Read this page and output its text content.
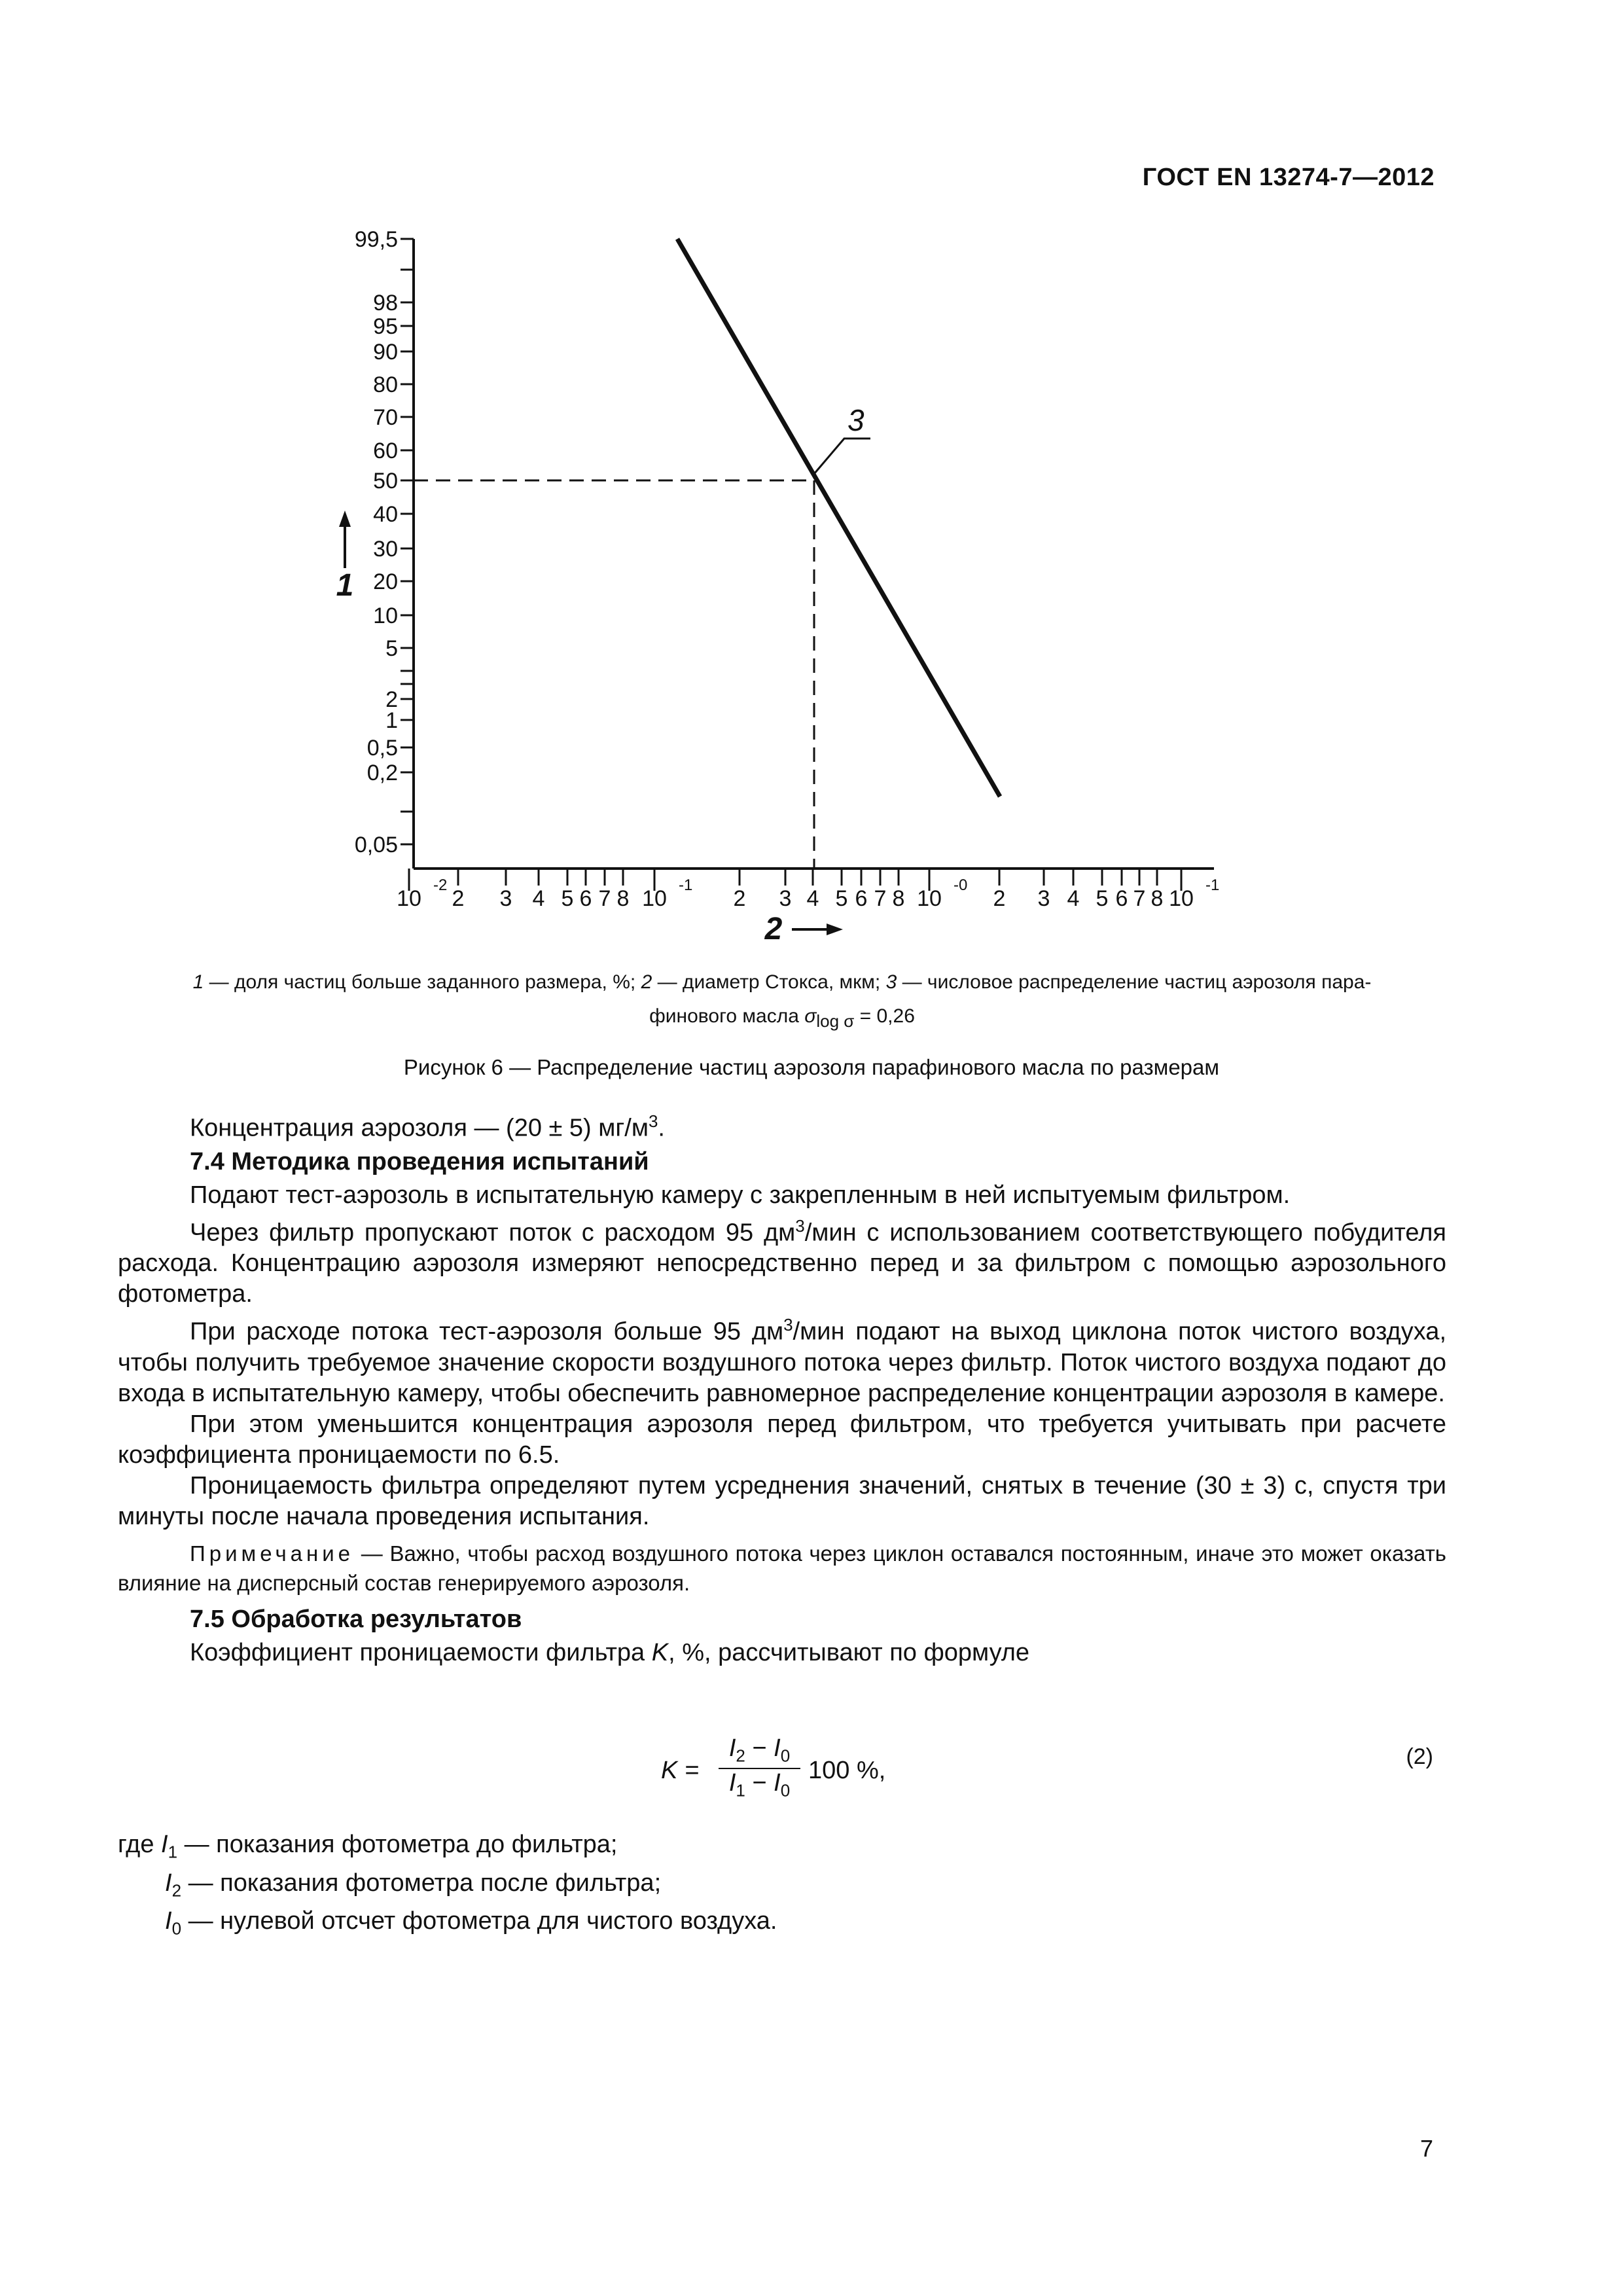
ГОСТ EN 13274-7—2012
99,5
98
95
90
80
70
60
50
40
30
20
10
5
2
1
0,5
0,2
0,05
10
-2
2 3 4 5 6 7 8 10
-1
2 3 4 5 6 7 8 10
-0
2 3 4 5 6 7 8 10
-1
3
1
2
1 — доля частиц больше заданного размера, %; 2 — диаметр Стокса, мкм; 3 — числовое распределение частиц аэрозоля пара-
финового масла $\sigma_{log \sigma} = 0,26$
Рисунок 6 — Распределение частиц аэрозоля парафинового масла по размерам

Концентрация аэрозоля — (20 ± 5) $мг/м^3$.

7.4 Методика проведения испытаний

Подают тест-аэрозоль в испытательную камеру с закрепленным в ней испытуемым фильтром.

Через фильтр пропускают поток с расходом 95 $дм^3$/мин с использованием соответствующего побудителя расхода. Концентрацию аэрозоля измеряют непосредственно перед и за фильтром с помощью аэрозольного фотометра.

При расходе потока тест-аэрозоля больше 95 $дм^3$/мин подают на выход циклона поток чистого воздуха, чтобы получить требуемое значение скорости воздушного потока через фильтр. Поток чистого воздуха подают до входа в испытательную камеру, чтобы обеспечить равномерное распределение концентрации аэрозоля в камере.

При этом уменьшится концентрация аэрозоля перед фильтром, что требуется учитывать при расчете коэффициента проницаемости по 6.5.

Проницаемость фильтра определяют путем усреднения значений, снятых в течение (30 ± 3) с, спустя три минуты после начала проведения испытания.

Примечание — Важно, чтобы расход воздушного потока через циклон оставался постоянным, иначе это может оказать влияние на дисперсный состав генерируемого аэрозоля.

7.5 Обработка результатов

Коэффициент проницаемости фильтра K, %, рассчитывают по формуле

$K = \frac{I_2 - I_0}{I_1 - I_0} 100$ %,	(2)

где $I_1$ — показания фотометра до фильтра;

$I_2$ — показания фотометра после фильтра;

$I_0$ — нулевой отсчет фотометра для чистого воздуха.

7
